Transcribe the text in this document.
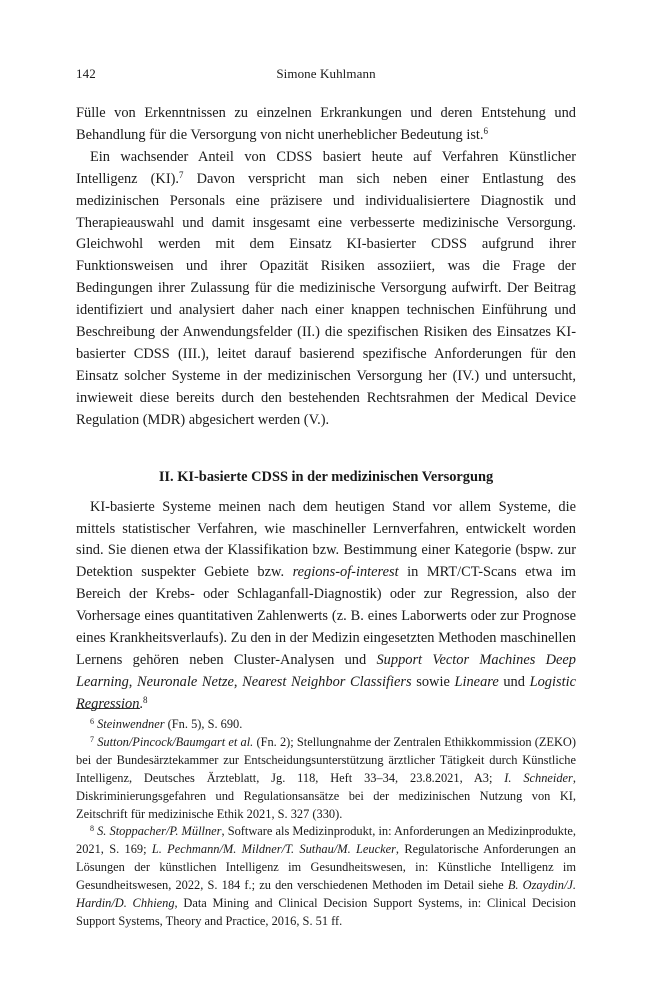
142	Simone Kuhlmann

Fülle von Erkenntnissen zu einzelnen Erkrankungen und deren Entstehung und Behandlung für die Versorgung von nicht unerheblicher Bedeutung ist.$^6$

Ein wachsender Anteil von CDSS basiert heute auf Verfahren Künstlicher Intelligenz (KI).$^7$ Davon verspricht man sich neben einer Entlastung des medizinischen Personals eine präzisere und individualisiertere Diagnostik und Therapieauswahl und damit insgesamt eine verbesserte medizinische Versorgung. Gleichwohl werden mit dem Einsatz KI-basierter CDSS aufgrund ihrer Funktionsweisen und ihrer Opazität Risiken assoziiert, was die Frage der Bedingungen ihrer Zulassung für die medizinische Versorgung aufwirft. Der Beitrag identifiziert und analysiert daher nach einer knappen technischen Einführung und Beschreibung der Anwendungsfelder (II.) die spezifischen Risiken des Einsatzes KI-basierter CDSS (III.), leitet darauf basierend spezifische Anforderungen für den Einsatz solcher Systeme in der medizinischen Versorgung her (IV.) und untersucht, inwieweit diese bereits durch den bestehenden Rechtsrahmen der Medical Device Regulation (MDR) abgesichert werden (V.).

II. KI-basierte CDSS in der medizinischen Versorgung

KI-basierte Systeme meinen nach dem heutigen Stand vor allem Systeme, die mittels statistischer Verfahren, wie maschineller Lernverfahren, entwickelt worden sind. Sie dienen etwa der Klassifikation bzw. Bestimmung einer Kategorie (bspw. zur Detektion suspekter Gebiete bzw. regions-of-interest in MRT/CT-Scans etwa im Bereich der Krebs- oder Schlaganfall-Diagnostik) oder zur Regression, also der Vorhersage eines quantitativen Zahlenwerts (z. B. eines Laborwerts oder zur Prognose eines Krankheitsverlaufs). Zu den in der Medizin eingesetzten Methoden maschinellen Lernens gehören neben Cluster-Analysen und Support Vector Machines Deep Learning, Neuronale Netze, Nearest Neighbor Classifiers sowie Lineare und Logistic Regression.$^8$

$^6$ Steinwendner (Fn. 5), S. 690.

$^7$ Sutton/Pincock/Baumgart et al. (Fn. 2); Stellungnahme der Zentralen Ethikkommission (ZEKO) bei der Bundesärztekammer zur Entscheidungsunterstützung ärztlicher Tätigkeit durch Künstliche Intelligenz, Deutsches Ärzteblatt, Jg. 118, Heft 33–34, 23.8.2021, A3; I. Schneider, Diskriminierungsgefahren und Regulationsansätze bei der medizinischen Nutzung von KI, Zeitschrift für medizinische Ethik 2021, S. 327 (330).

$^8$ S. Stoppacher/P. Müllner, Software als Medizinprodukt, in: Anforderungen an Medizinprodukte, 2021, S. 169; L. Pechmann/M. Mildner/T. Suthau/M. Leucker, Regulatorische Anforderungen an Lösungen der künstlichen Intelligenz im Gesundheitswesen, in: Künstliche Intelligenz im Gesundheitswesen, 2022, S. 184 f.; zu den verschiedenen Methoden im Detail siehe B. Ozaydin/J. Hardin/D. Chhieng, Data Mining and Clinical Decision Support Systems, in: Clinical Decision Support Systems, Theory and Practice, 2016, S. 51 ff.
